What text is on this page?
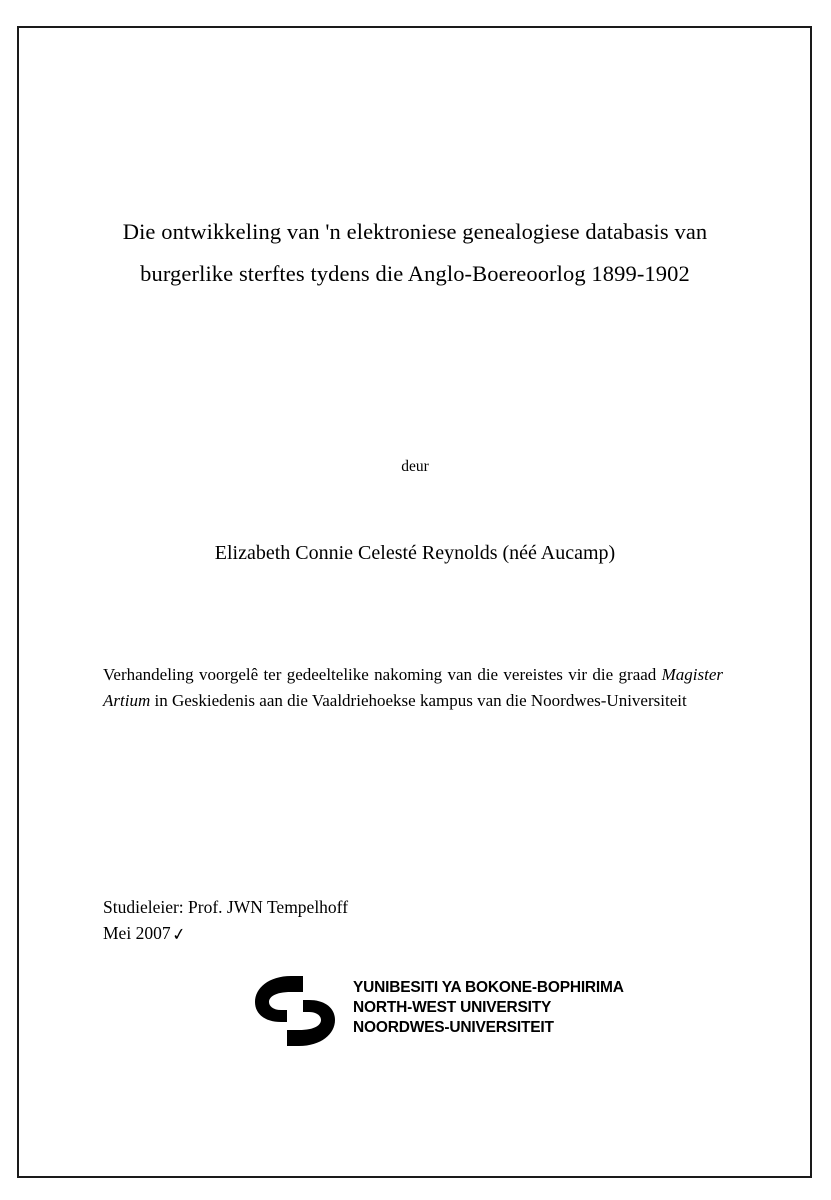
Die ontwikkeling van 'n elektroniese genealogiese databasis van
burgerlike sterftes tydens die Anglo-Boereoorlog 1899-1902
deur
Elizabeth Connie Celesté Reynolds (néé Aucamp)
Verhandeling voorgelê ter gedeeltelike nakoming van die vereistes vir die graad Magister Artium in Geskiedenis aan die Vaaldriehoekse kampus van die Noordwes-Universiteit
Studieleier: Prof. JWN Tempelhoff
Mei 2007✓
YUNIBESITI YA BOKONE-BOPHIRIMA
NORTH-WEST UNIVERSITY
NOORDWES-UNIVERSITEIT
